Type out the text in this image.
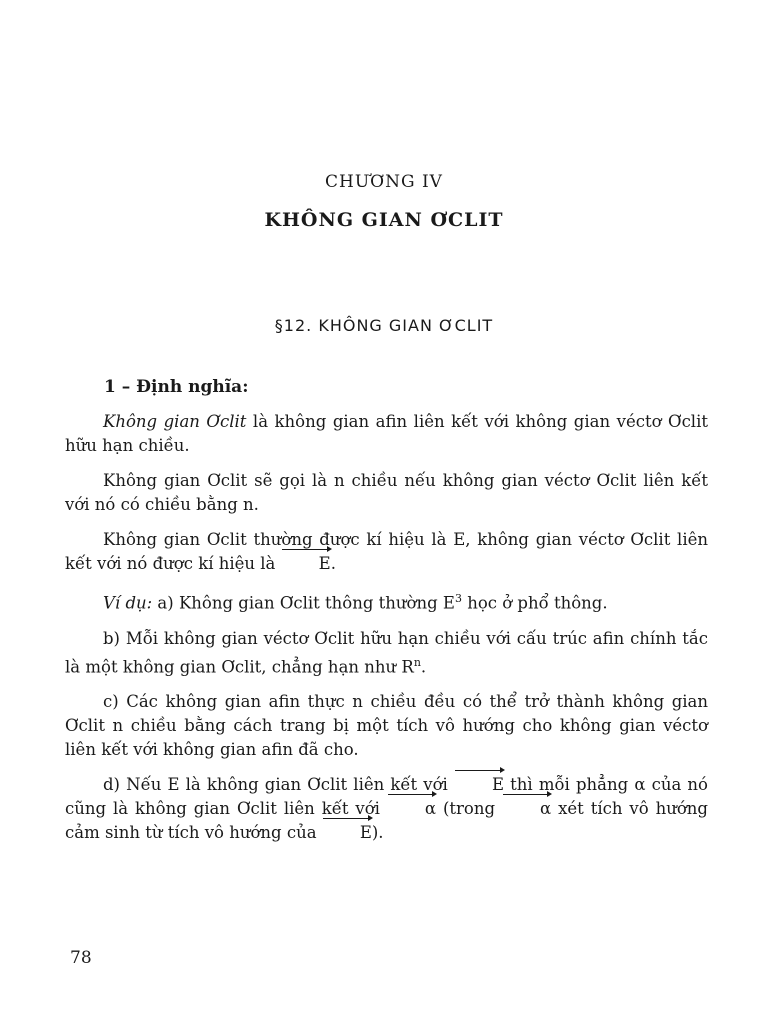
CHƯƠNG IV
KHÔNG GIAN ƠCLIT
§12. KHÔNG GIAN ƠCLIT
1 – Định nghĩa:

Không gian Ơclit là không gian afin liên kết với không gian véctơ Ơclit hữu hạn chiều.

Không gian Ơclit sẽ gọi là n chiều nếu không gian véctơ Ơclit liên kết với nó có chiều bằng n.

Không gian Ơclit thường được kí hiệu là E, không gian véctơ Ơclit liên kết với nó được kí hiệu là E.

Ví dụ: a) Không gian Ơclit thông thường $E^3$ học ở phổ thông.

b) Mỗi không gian véctơ Ơclit hữu hạn chiều với cấu trúc afin chính tắc là một không gian Ơclit, chẳng hạn như $R^n$.

c) Các không gian afin thực n chiều đều có thể trở thành không gian Ơclit n chiều bằng cách trang bị một tích vô hướng cho không gian véctơ liên kết với không gian afin đã cho.

d) Nếu E là không gian Ơclit liên kết với E thì mỗi phẳng α của nó cũng là không gian Ơclit liên kết với α (trong α xét tích vô hướng cảm sinh từ tích vô hướng của E).

78
